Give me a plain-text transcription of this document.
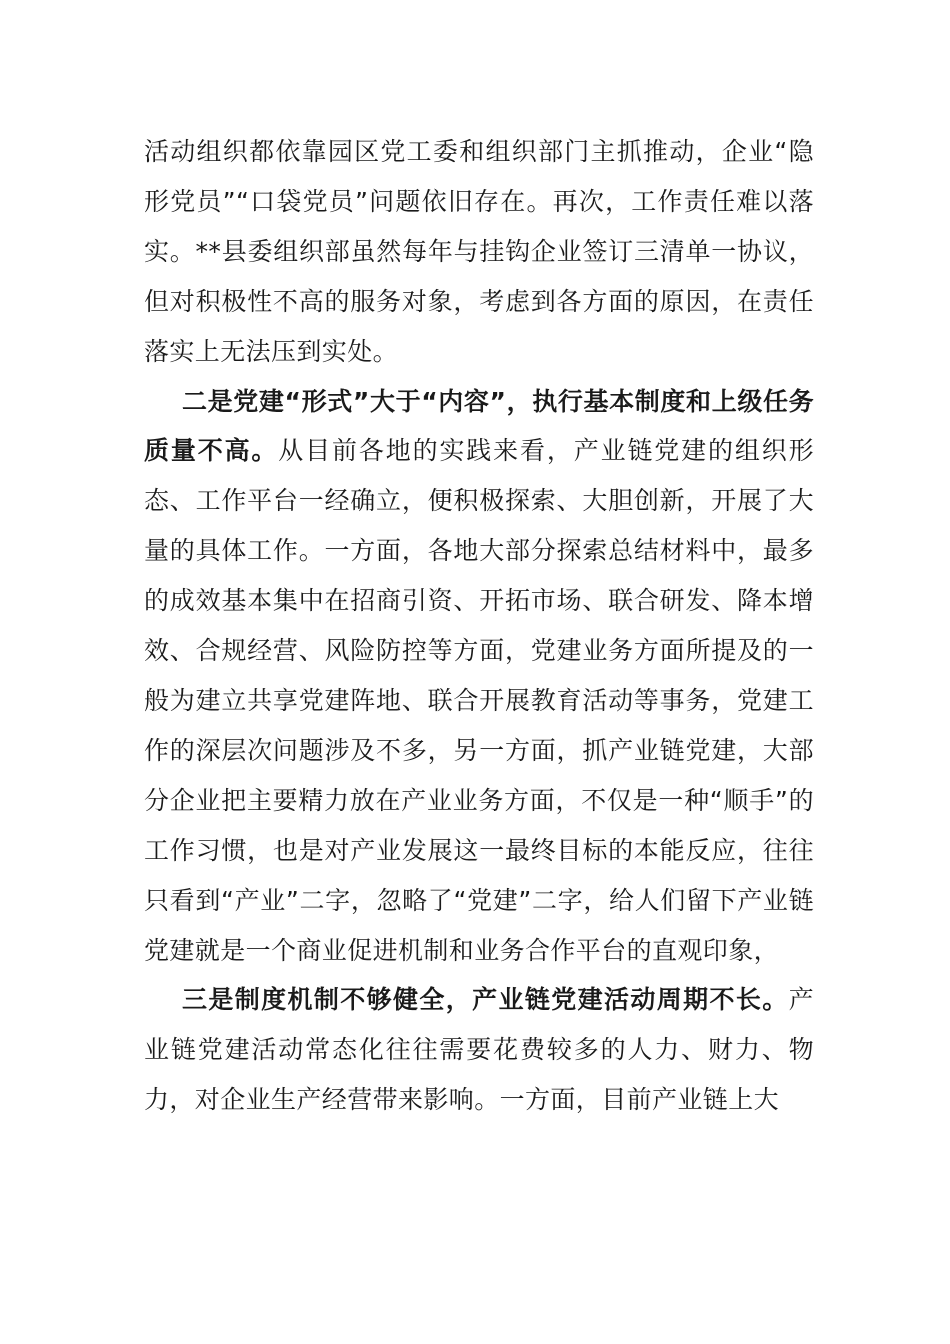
活动组织都依靠园区党工委和组织部门主抓推动，企业“隐形党员”“口袋党员”问题依旧存在。再次，工作责任难以落实。**县委组织部虽然每年与挂钩企业签订三清单一协议，但对积极性不高的服务对象，考虑到各方面的原因，在责任落实上无法压到实处。

二是党建“形式”大于“内容”，执行基本制度和上级任务质量不高。从目前各地的实践来看，产业链党建的组织形态、工作平台一经确立，便积极探索、大胆创新，开展了大量的具体工作。一方面，各地大部分探索总结材料中，最多的成效基本集中在招商引资、开拓市场、联合研发、降本增效、合规经营、风险防控等方面，党建业务方面所提及的一般为建立共享党建阵地、联合开展教育活动等事务，党建工作的深层次问题涉及不多，另一方面，抓产业链党建，大部分企业把主要精力放在产业业务方面，不仅是一种“顺手”的工作习惯，也是对产业发展这一最终目标的本能反应，往往只看到“产业”二字，忽略了“党建”二字，给人们留下产业链党建就是一个商业促进机制和业务合作平台的直观印象，

三是制度机制不够健全，产业链党建活动周期不长。产业链党建活动常态化往往需要花费较多的人力、财力、物力，对企业生产经营带来影响。一方面，目前产业链上大
